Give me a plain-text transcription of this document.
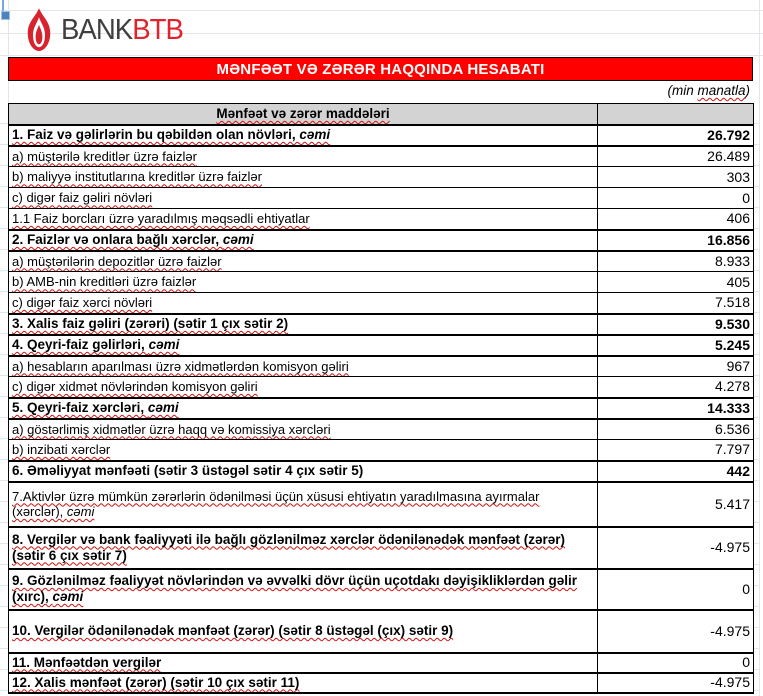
BANKBTB
MƏNFƏƏT VƏ ZƏRƏR HAQQINDA HESABATI
(min manatla)
Mənfəət və zərər maddələri	
1. Faiz və gəlirlərin bu qəbildən olan növləri, cəmi	26.792
a) müştərilə kreditlər üzrə faizlər	26.489
b) maliyyə institutlarına kreditlər üzrə faizlər	303
c) digər faiz gəliri növləri	0
1.1 Faiz borcları üzrə yaradılmış məqsədli ehtiyatlar	406
2. Faizlər və onlara bağlı xərclər, cəmi	16.856
a) müştərilərin depozitlər üzrə faizlər	8.933
b) AMB-nin kreditləri üzrə faizlər	405
c) digər faiz xərci növləri	7.518
3. Xalis faiz gəliri (zərəri) (sətir 1 çıx sətir 2)	9.530
4. Qeyri-faiz gəlirləri, cəmi	5.245
a) hesabların aparılması üzrə xidmətlərdən komisyon gəliri	967
c) digər xidmət növlərindən komisyon gəliri	4.278
5. Qeyri-faiz xərcləri, cəmi	14.333
a) göstərlimiş xidmətlər üzrə haqq və komissiya xərcləri	6.536
b) inzibati xərclər	7.797
6. Əməliyyat mənfəəti (sətir 3 üstəgəl sətir 4 çıx sətir 5)	442
7.Aktivlər üzrə mümkün zərərlərin ödənilməsi üçün xüsusi ehtiyatın yaradılmasına ayırmalar (xərclər), cəmi	5.417
8. Vergilər və bank fəaliyyəti ilə bağlı gözlənilməz xərclər ödənilənədək mənfəət (zərər) (sətir 6 çıx sətir 7)	-4.975
9. Gözlənilməz fəaliyyət növlərindən və əvvəlki dövr üçün uçotdakı dəyişikliklərdən gəlir (xırc), cəmi	0
10. Vergilər ödənilənədək mənfəət (zərər) (sətir 8 üstəgəl (çıx) sətir 9)	-4.975
11. Mənfəətdən vergilər	0
12. Xalis mənfəət (zərər) (sətir 10 çıx sətir 11)	-4.975
